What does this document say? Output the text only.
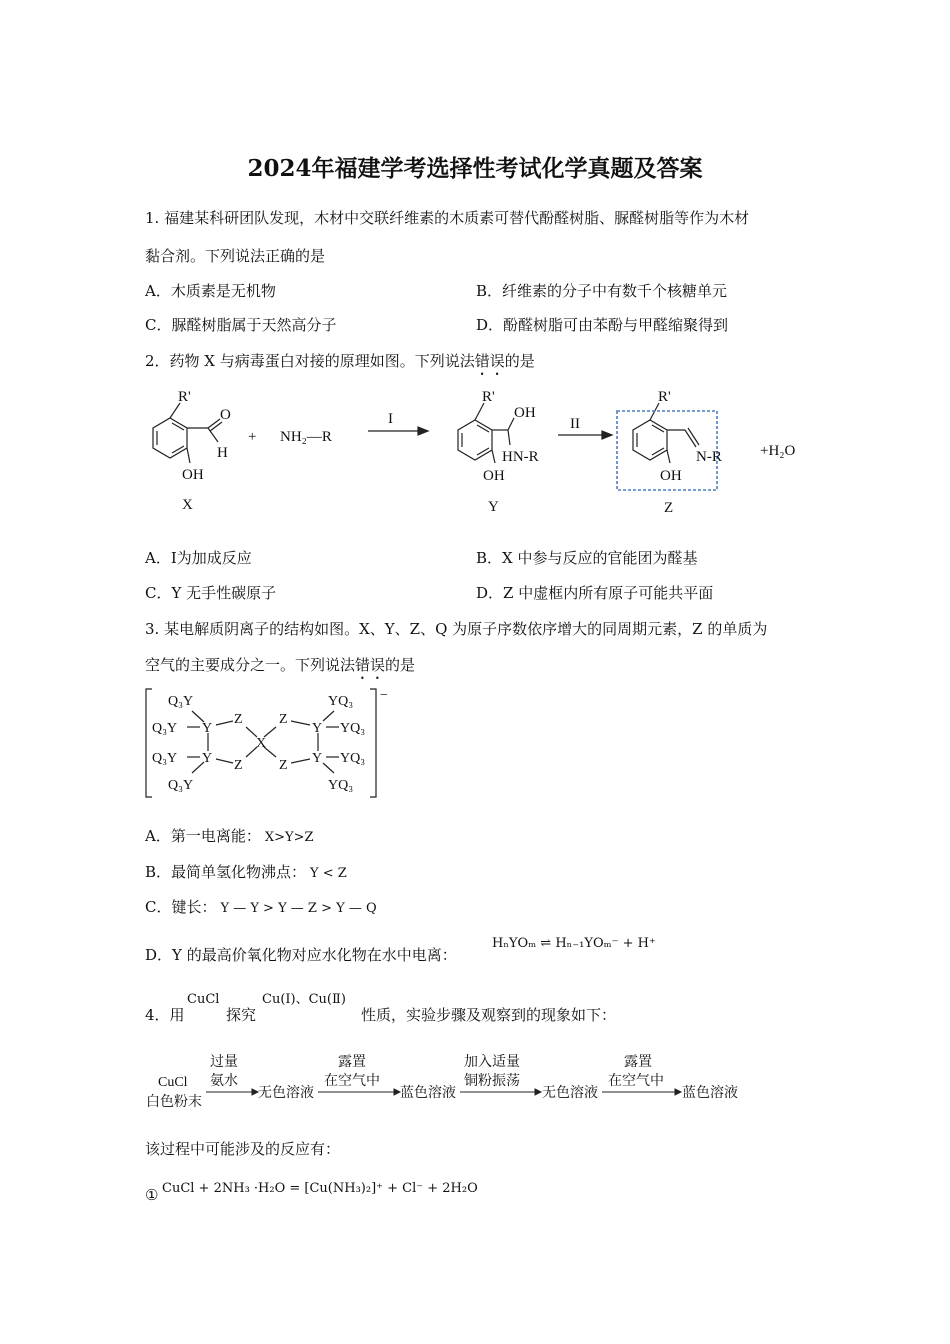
2024年福建学考选择性考试化学真题及答案
1. 福建某科研团队发现，木材中交联纤维素的木质素可替代酚醛树脂、脲醛树脂等作为木材
黏合剂。下列说法正确的是
A．木质素是无机物	B．纤维素的分子中有数千个核糖单元
C．脲醛树脂属于天然高分子	D．酚醛树脂可由苯酚与甲醛缩聚得到
2．药物 X 与病毒蛋白对接的原理如图。下列说法错误的是
R'
O
H
OH
X
+ NH₂—R
I
R'
OH
HN-R
OH
Y
II
R'
N-R
OH
Z
+H₂O
A．Ⅰ为加成反应	B．X 中参与反应的官能团为醛基
C．Y 无手性碳原子	D．Z 中虚框内所有原子可能共平面
3. 某电解质阴离子的结构如图。X、Y、Z、Q 为原子序数依序增大的同周期元素，Z 的单质为
空气的主要成分之一。下列说法错误的是
Q₃Y
Q₃Y
Q₃Y
Q₃Y
Y
Y
Z
Z
X
Z
Z
Y
Y
YQ₃
YQ₃
YQ₃
YQ₃
−
A．第一电离能： X>Y>Z
B．最简单氢化物沸点： Y < Z
C．键长： Y — Y > Y — Z > Y — Q
D．Y 的最高价氧化物对应水化物在水中电离：
HₙYOₘ ⇌ Hₙ₋₁YOₘ⁻ + H⁺
4．用
CuCl
探究
Cu(Ⅰ)、Cu(Ⅱ)
性质，实验步骤及观察到的现象如下：
CuCl
白色粉末
过量
氨水
无色溶液
露置
在空气中
蓝色溶液
加入适量
铜粉振荡
无色溶液
露置
在空气中
蓝色溶液
该过程中可能涉及的反应有：
① CuCl + 2NH₃ ·H₂O = [Cu(NH₃)₂]⁺ + Cl⁻ + 2H₂O
